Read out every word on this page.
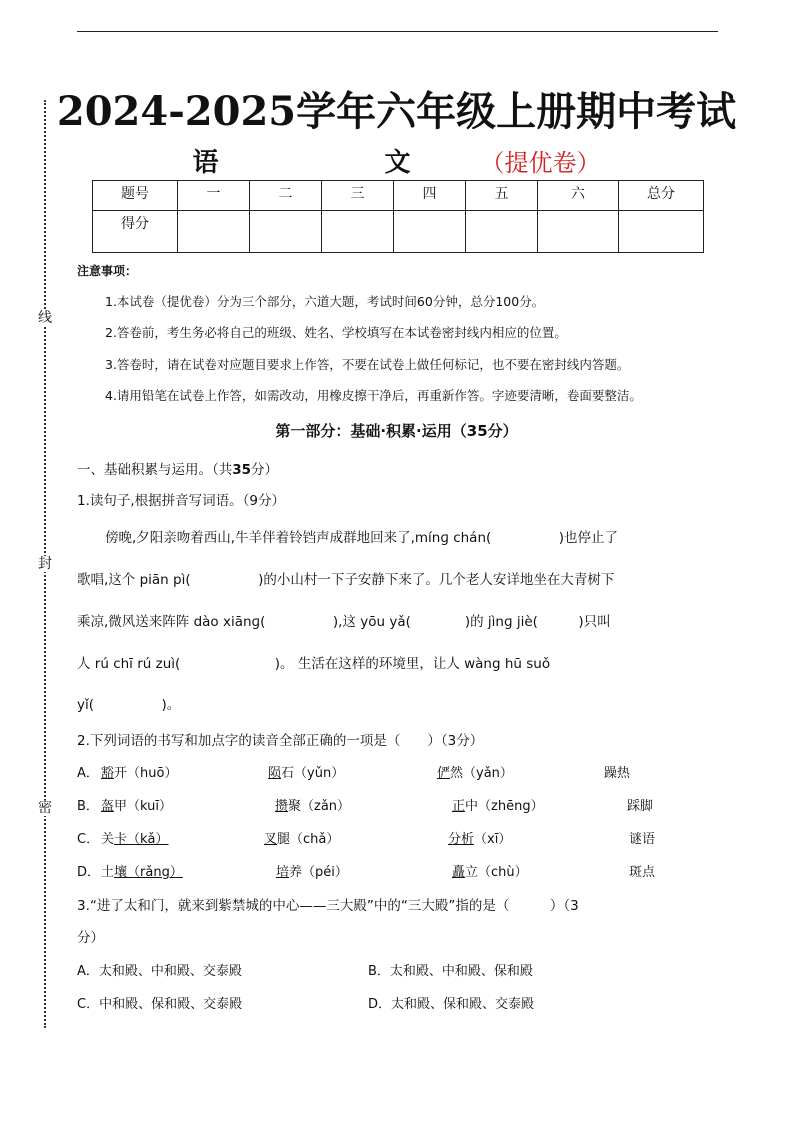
线
封
密
2024-2025学年六年级上册期中考试
语　文（提优卷）
题号	一	二	三	四	五	六	总分
得分							
注意事项：
1.本试卷（提优卷）分为三个部分，六道大题，考试时间60分钟，总分100分。
2.答卷前，考生务必将自己的班级、姓名、学校填写在本试卷密封线内相应的位置。
3.答卷时，请在试卷对应题目要求上作答，不要在试卷上做任何标记，也不要在密封线内答题。
4.请用铅笔在试卷上作答，如需改动，用橡皮擦干净后，再重新作答。字迹要清晰，卷面要整洁。
第一部分：基础·积累·运用（35分）
一、基础积累与运用。（共35分）
1.读句子,根据拼音写词语。（9分）
傍晚,夕阳亲吻着西山,牛羊伴着铃铛声成群地回来了,mínɡ chán(　　　　　)也停止了
歌唱,这个 piān pì(　　　　　)的小山村一下子安静下来了。几个老人安详地坐在大青树下
乘凉,微风送来阵阵 dào xiānɡ(　　　　　),这 yōu yǎ(　　　　)的 jìnɡ jiè(　　　)只叫
人 rú chī rú zuì(　　　　　　　)。 生活在这样的环境里，让人 wàng hū suǒ
yǐ(　　　　　)。
2.下列词语的书写和加点字的读音全部正确的一项是（　　）（3分）
A． 豁开（huō）	陨石（yǔn）	俨然（yǎn）	躁热
B． 盔甲（kuī）	攒聚（zǎn）	正中（zhēng）	踩脚
C． 关卡（kǎ）	叉腿（chǎ）	分析（xī）	谜语
D． 土壤（rǎng）	培养（péi）	矗立（chù）	斑点
3.“进了太和门，就来到紫禁城的中心——三大殿”中的“三大殿”指的是（　　　）（3
分）
A．太和殿、中和殿、交泰殿	B．太和殿、中和殿、保和殿
C．中和殿、保和殿、交泰殿	D．太和殿、保和殿、交泰殿
